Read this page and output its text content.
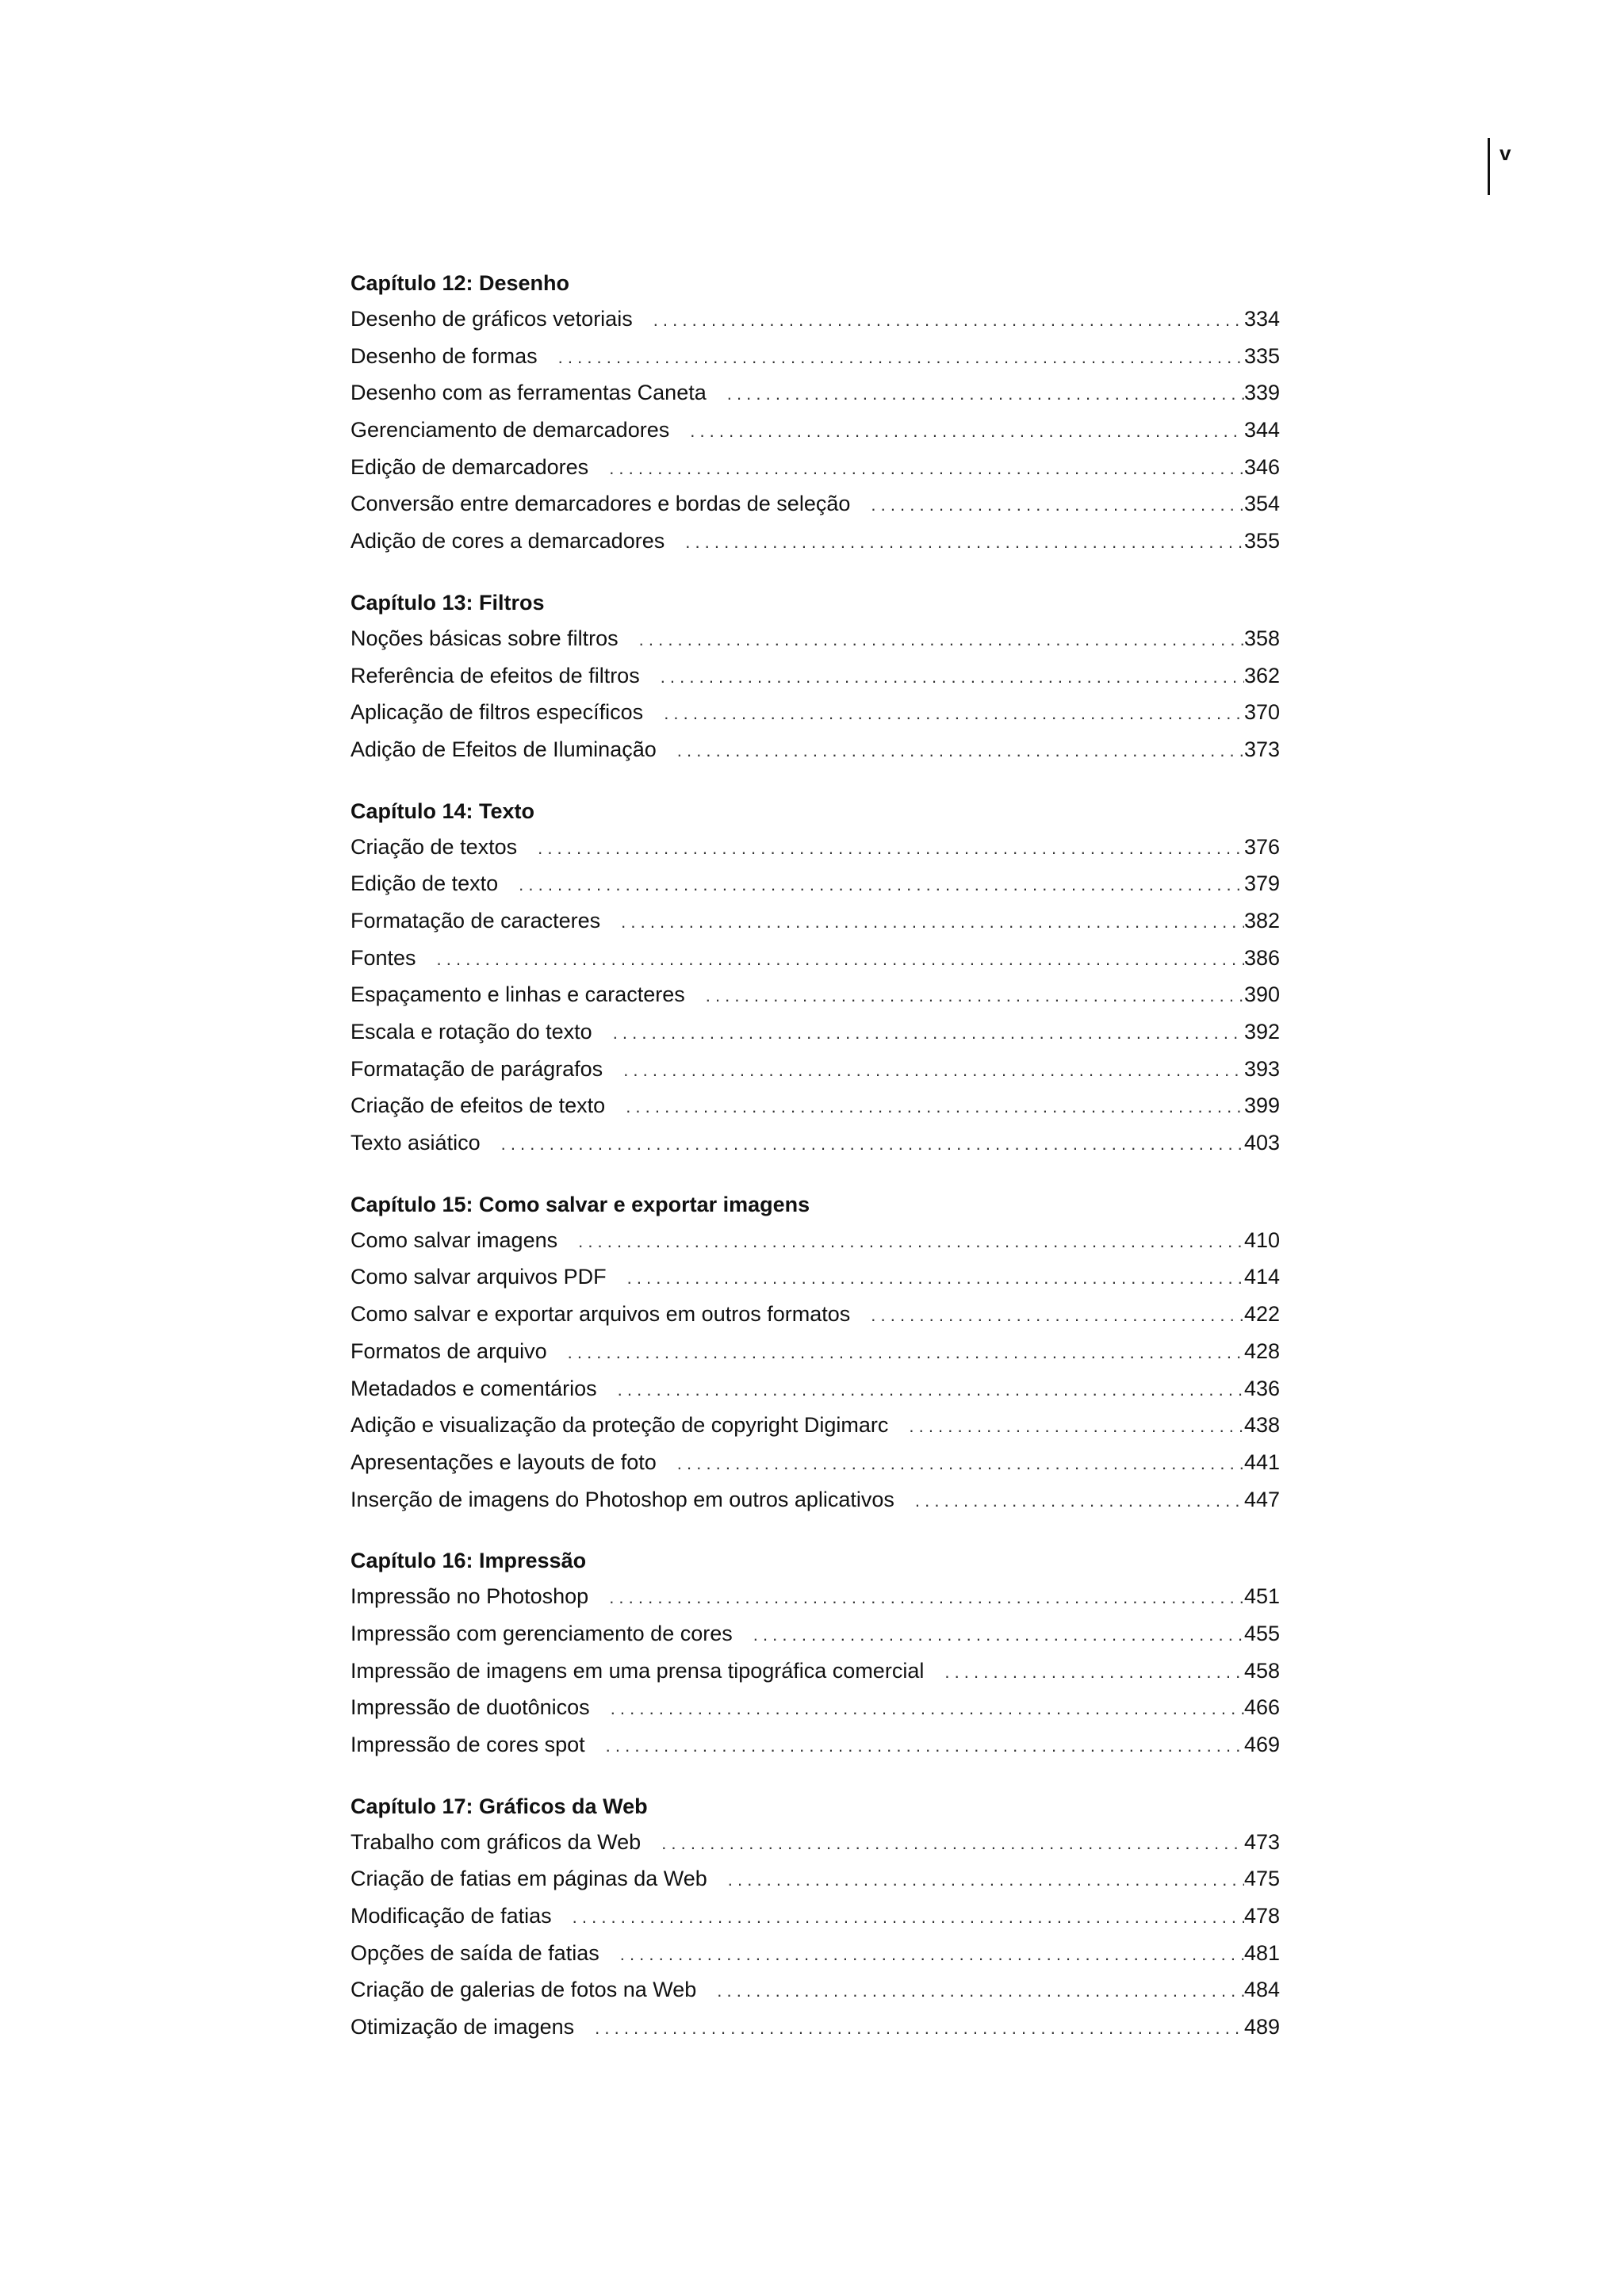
v
Capítulo 12: Desenho
Desenho de gráficos vetoriais . . .	334
Desenho de formas . . .	335
Desenho com as ferramentas Caneta . . .	339
Gerenciamento de demarcadores . . .	344
Edição de demarcadores . . .	346
Conversão entre demarcadores e bordas de seleção . . .	354
Adição de cores a demarcadores . . .	355
Capítulo 13: Filtros
Noções básicas sobre filtros . . .	358
Referência de efeitos de filtros . . .	362
Aplicação de filtros específicos . . .	370
Adição de Efeitos de Iluminação . . .	373
Capítulo 14: Texto
Criação de textos . . .	376
Edição de texto . . .	379
Formatação de caracteres . . .	382
Fontes . . .	386
Espaçamento e linhas e caracteres . . .	390
Escala e rotação do texto . . .	392
Formatação de parágrafos . . .	393
Criação de efeitos de texto . . .	399
Texto asiático . . .	403
Capítulo 15: Como salvar e exportar imagens
Como salvar imagens . . .	410
Como salvar arquivos PDF . . .	414
Como salvar e exportar arquivos em outros formatos . . .	422
Formatos de arquivo . . .	428
Metadados e comentários . . .	436
Adição e visualização da proteção de copyright Digimarc . . .	438
Apresentações e layouts de foto . . .	441
Inserção de imagens do Photoshop em outros aplicativos . . .	447
Capítulo 16: Impressão
Impressão no Photoshop . . .	451
Impressão com gerenciamento de cores . . .	455
Impressão de imagens em uma prensa tipográfica comercial . . .	458
Impressão de duotônicos . . .	466
Impressão de cores spot . . .	469
Capítulo 17: Gráficos da Web
Trabalho com gráficos da Web . . .	473
Criação de fatias em páginas da Web . . .	475
Modificação de fatias . . .	478
Opções de saída de fatias . . .	481
Criação de galerias de fotos na Web . . .	484
Otimização de imagens . . .	489
